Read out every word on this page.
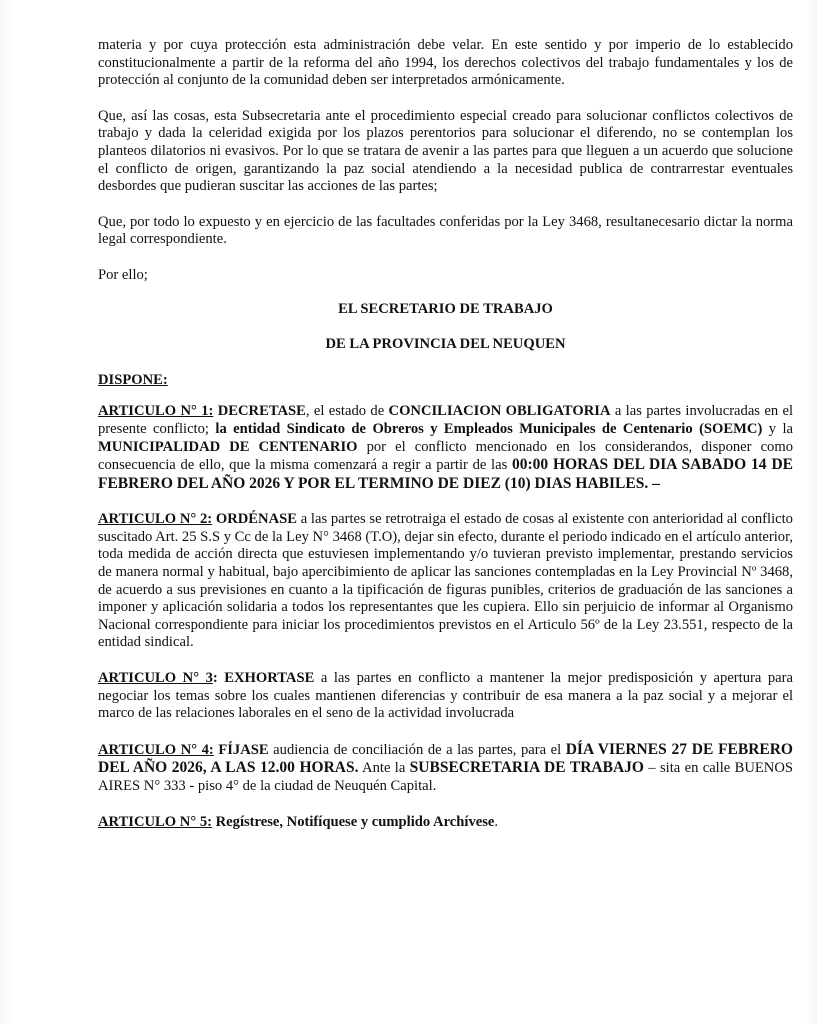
materia y por cuya protección esta administración debe velar. En este sentido y por imperio de lo establecido constitucionalmente a partir de la reforma del año 1994, los derechos colectivos del trabajo fundamentales y los de protección al conjunto de la comunidad deben ser interpretados armónicamente.

Que, así las cosas, esta Subsecretaria ante el procedimiento especial creado para solucionar conflictos colectivos de trabajo y dada la celeridad exigida por los plazos perentorios para solucionar el diferendo, no se contemplan los planteos dilatorios ni evasivos. Por lo que se tratara de avenir a las partes para que lleguen a un acuerdo que solucione el conflicto de origen, garantizando la paz social atendiendo a la necesidad publica de contrarrestar eventuales desbordes que pudieran suscitar las acciones de las partes;

Que, por todo lo expuesto y en ejercicio de las facultades conferidas por la Ley 3468, resultanecesario dictar la norma legal correspondiente.

Por ello;

EL SECRETARIO DE TRABAJO

DE LA PROVINCIA DEL NEUQUEN

DISPONE:

ARTICULO N° 1: DECRETASE, el estado de CONCILIACION OBLIGATORIA a las partes involucradas en el presente conflicto; la entidad Sindicato de Obreros y Empleados Municipales de Centenario (SOEMC) y la MUNICIPALIDAD DE CENTENARIO por el conflicto mencionado en los considerandos, disponer como consecuencia de ello, que la misma comenzará a regir a partir de las 00:00 HORAS DEL DIA SABADO 14 DE FEBRERO DEL AÑO 2026 Y POR EL TERMINO DE DIEZ (10) DIAS HABILES. –

ARTICULO N° 2: ORDÉNASE a las partes se retrotraiga el estado de cosas al existente con anterioridad al conflicto suscitado Art. 25 S.S y Cc de la Ley N° 3468 (T.O), dejar sin efecto, durante el periodo indicado en el artículo anterior, toda medida de acción directa que estuviesen implementando y/o tuvieran previsto implementar, prestando servicios de manera normal y habitual, bajo apercibimiento de aplicar las sanciones contempladas en la Ley Provincial Nº 3468, de acuerdo a sus previsiones en cuanto a la tipificación de figuras punibles, criterios de graduación de las sanciones a imponer y aplicación solidaria a todos los representantes que les cupiera. Ello sin perjuicio de informar al Organismo Nacional correspondiente para iniciar los procedimientos previstos en el Articulo 56º de la Ley 23.551, respecto de la entidad sindical.

ARTICULO N° 3: EXHORTASE a las partes en conflicto a mantener la mejor predisposición y apertura para negociar los temas sobre los cuales mantienen diferencias y contribuir de esa manera a la paz social y a mejorar el marco de las relaciones laborales en el seno de la actividad involucrada

ARTICULO N° 4: FÍJASE audiencia de conciliación de a las partes, para el DÍA VIERNES 27 DE FEBRERO DEL AÑO 2026, A LAS 12.00 HORAS. Ante la SUBSECRETARIA DE TRABAJO – sita en calle BUENOS AIRES N° 333 - piso 4° de la ciudad de Neuquén Capital.

ARTICULO N° 5: Regístrese, Notifíquese y cumplido Archívese.
